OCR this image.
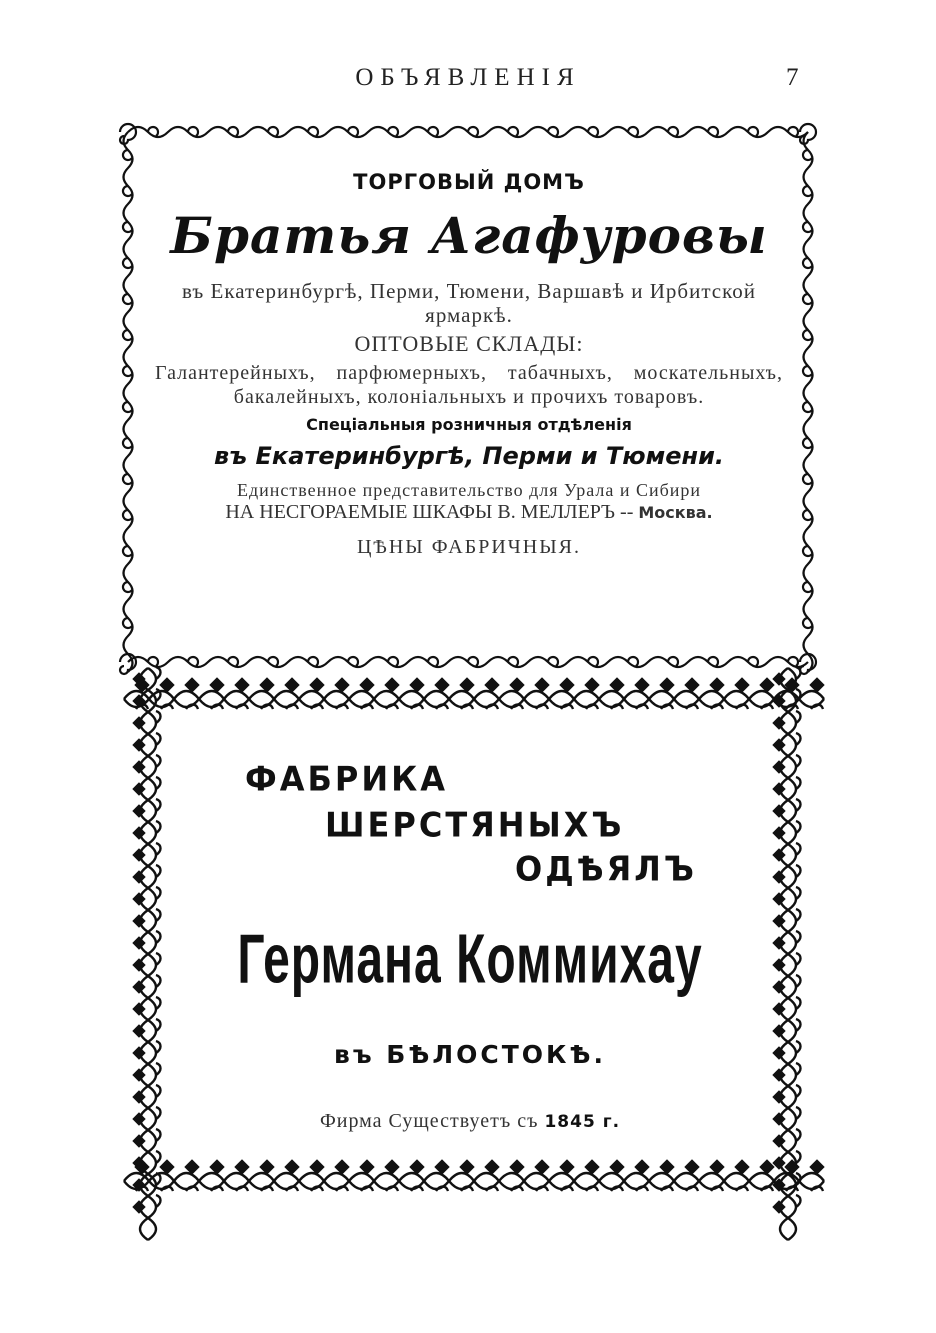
ОБЪЯВЛЕНІЯ	7
ТОРГОВЫЙ ДОМЪ
Братья Агафуровы
въ Екатеринбургѣ, Перми, Тюмени, Варшавѣ и Ирбитской ярмаркѣ.
ОПТОВЫЕ СКЛАДЫ:
Галантерейныхъ, парфюмерныхъ, табачныхъ, москательныхъ, бакалейныхъ, колоніальныхъ и прочихъ товаровъ.
Спеціальныя розничныя отдѣленія
въ Екатеринбургѣ, Перми и Тюмени.
Единственное представительство для Урала и Сибири
НА НЕСГОРАЕМЫЕ ШКАФЫ В. МЕЛЛЕРЪ -- Москва.
ЦѢНЫ ФАБРИЧНЫЯ.
ФАБРИКА
ШЕРСТЯНЫХЪ
ОДѢЯЛЪ
Германа Коммихау
въ БѢЛОСТОКѢ.
Фирма Существуетъ съ 1845 г.
